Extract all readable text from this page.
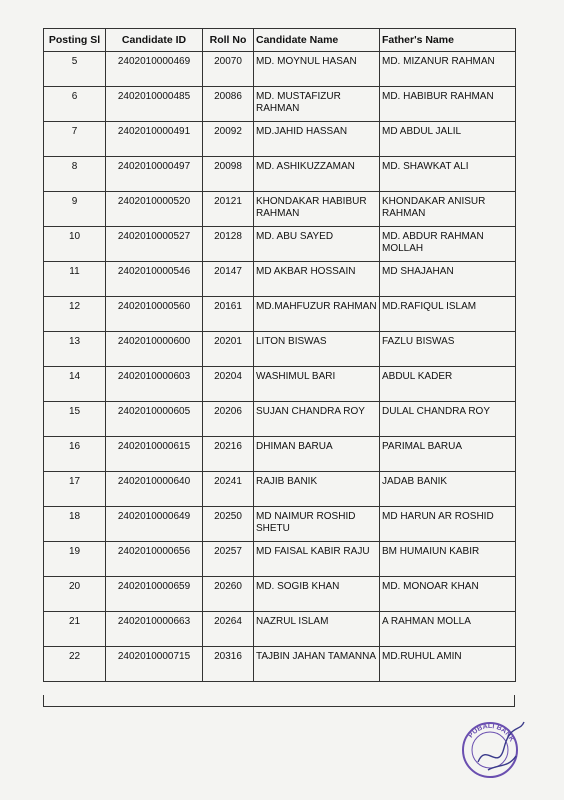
Posting Sl	Candidate ID	Roll No	Candidate Name	Father's Name
5	2402010000469	20070	MD. MOYNUL HASAN	MD. MIZANUR RAHMAN
6	2402010000485	20086	MD. MUSTAFIZUR RAHMAN	MD. HABIBUR RAHMAN
7	2402010000491	20092	MD.JAHID HASSAN	MD ABDUL JALIL
8	2402010000497	20098	MD. ASHIKUZZAMAN	MD. SHAWKAT ALI
9	2402010000520	20121	KHONDAKAR HABIBUR RAHMAN	KHONDAKAR ANISUR RAHMAN
10	2402010000527	20128	MD. ABU SAYED	MD. ABDUR RAHMAN MOLLAH
11	2402010000546	20147	MD AKBAR HOSSAIN	MD SHAJAHAN
12	2402010000560	20161	MD.MAHFUZUR RAHMAN	MD.RAFIQUL ISLAM
13	2402010000600	20201	LITON BISWAS	FAZLU BISWAS
14	2402010000603	20204	WASHIMUL BARI	ABDUL KADER
15	2402010000605	20206	SUJAN CHANDRA ROY	DULAL CHANDRA ROY
16	2402010000615	20216	DHIMAN BARUA	PARIMAL BARUA
17	2402010000640	20241	RAJIB BANIK	JADAB BANIK
18	2402010000649	20250	MD NAIMUR ROSHID SHETU	MD HARUN AR ROSHID
19	2402010000656	20257	MD FAISAL KABIR RAJU	BM HUMAIUN KABIR
20	2402010000659	20260	MD. SOGIB KHAN	MD. MONOAR KHAN
21	2402010000663	20264	NAZRUL ISLAM	A RAHMAN MOLLA
22	2402010000715	20316	TAJBIN JAHAN TAMANNA	MD.RUHUL AMIN
PUBALI BANK
